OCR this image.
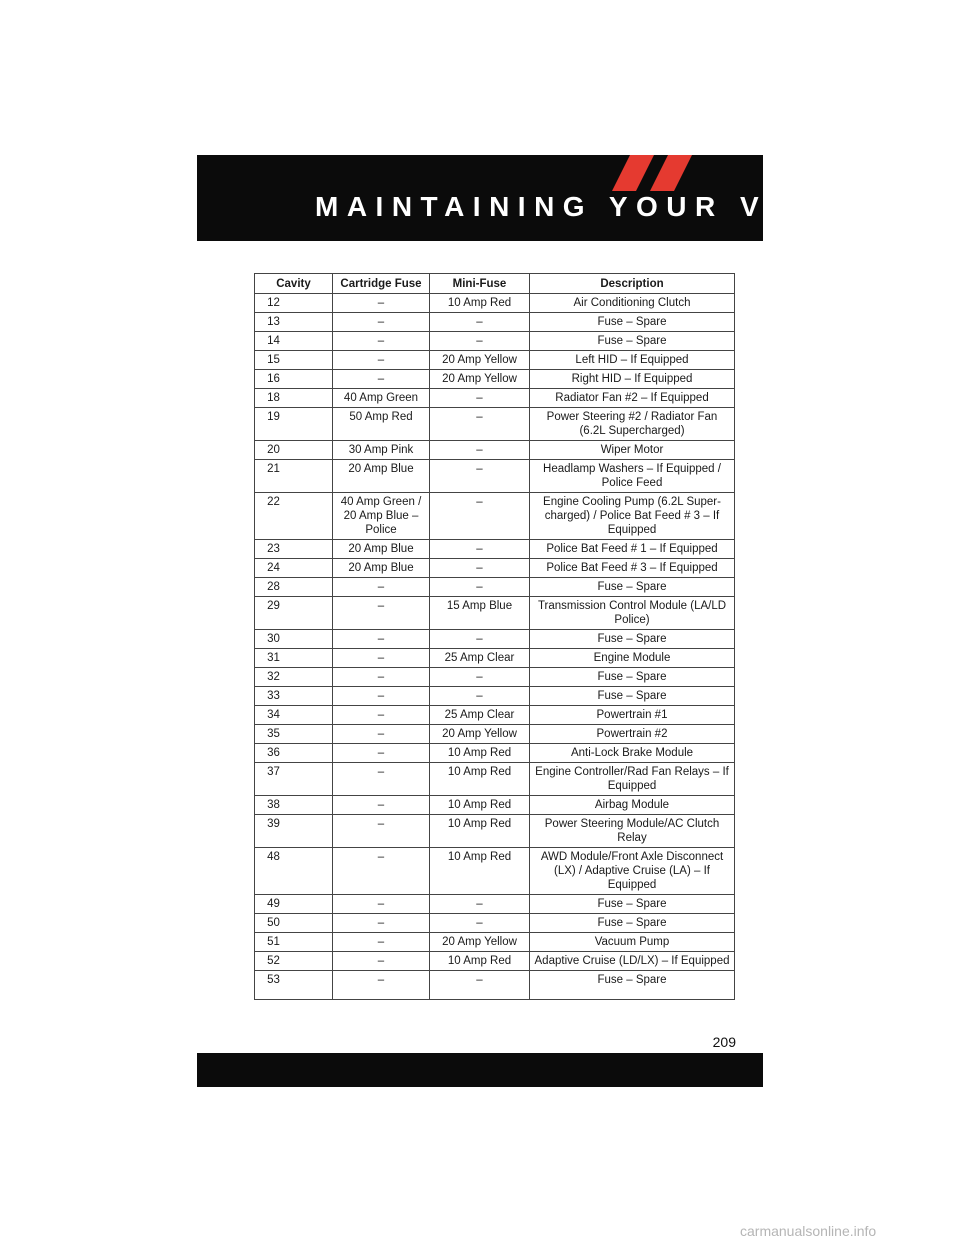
MAINTAINING YOUR VEHICLE
Cavity	Cartridge Fuse	Mini-Fuse	Description
12	–	10 Amp Red	Air Conditioning Clutch
13	–	–	Fuse – Spare
14	–	–	Fuse – Spare
15	–	20 Amp Yellow	Left HID – If Equipped
16	–	20 Amp Yellow	Right HID – If Equipped
18	40 Amp Green	–	Radiator Fan #2 – If Equipped
19	50 Amp Red	–	Power Steering #2 / Radiator Fan (6.2L Supercharged)
20	30 Amp Pink	–	Wiper Motor
21	20 Amp Blue	–	Headlamp Washers – If Equipped / Police Feed
22	40 Amp Green / 20 Amp Blue – Police	–	Engine Cooling Pump (6.2L Super-charged) / Police Bat Feed # 3 – If Equipped
23	20 Amp Blue	–	Police Bat Feed # 1 – If Equipped
24	20 Amp Blue	–	Police Bat Feed # 3 – If Equipped
28	–	–	Fuse – Spare
29	–	15 Amp Blue	Transmission Control Module (LA/LD Police)
30	–	–	Fuse – Spare
31	–	25 Amp Clear	Engine Module
32	–	–	Fuse – Spare
33	–	–	Fuse – Spare
34	–	25 Amp Clear	Powertrain #1
35	–	20 Amp Yellow	Powertrain #2
36	–	10 Amp Red	Anti-Lock Brake Module
37	–	10 Amp Red	Engine Controller/Rad Fan Relays – If Equipped
38	–	10 Amp Red	Airbag Module
39	–	10 Amp Red	Power Steering Module/AC Clutch Relay
48	–	10 Amp Red	AWD Module/Front Axle Disconnect (LX) / Adaptive Cruise (LA) – If Equipped
49	–	–	Fuse – Spare
50	–	–	Fuse – Spare
51	–	20 Amp Yellow	Vacuum Pump
52	–	10 Amp Red	Adaptive Cruise (LD/LX) – If Equipped
53	–	–	Fuse – Spare
209
carmanualsonline.info
